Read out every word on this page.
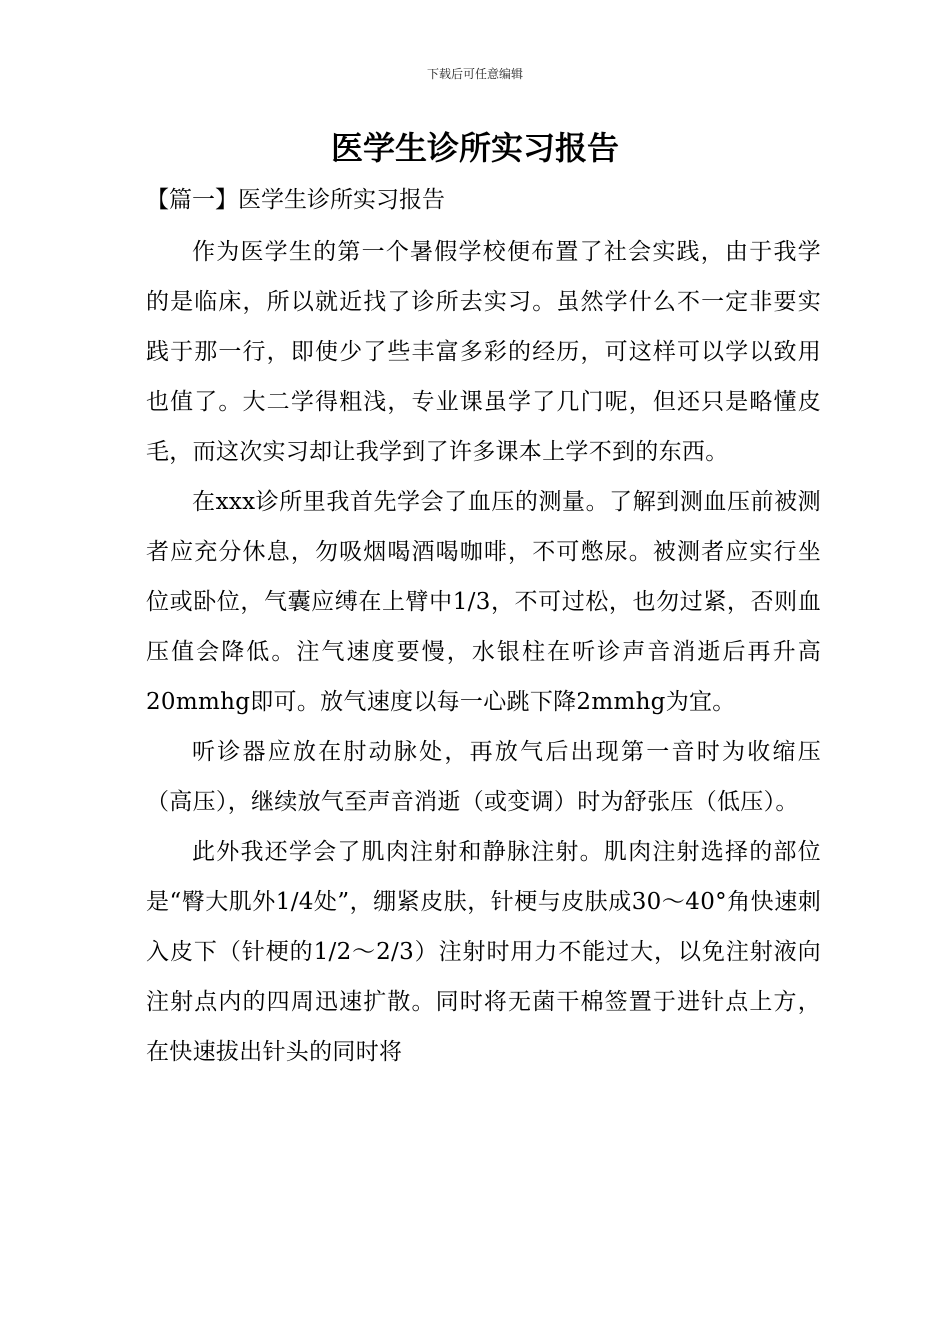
下载后可任意编辑
医学生诊所实习报告
【篇一】医学生诊所实习报告

作为医学生的第一个暑假学校便布置了社会实践，由于我学的是临床，所以就近找了诊所去实习。虽然学什么不一定非要实践于那一行，即使少了些丰富多彩的经历，可这样可以学以致用也值了。大二学得粗浅，专业课虽学了几门呢，但还只是略懂皮毛，而这次实习却让我学到了许多课本上学不到的东西。

在xxx诊所里我首先学会了血压的测量。了解到测血压前被测者应充分休息，勿吸烟喝酒喝咖啡，不可憋尿。被测者应实行坐位或卧位，气囊应缚在上臂中1/3，不可过松，也勿过紧，否则血压值会降低。注气速度要慢，水银柱在听诊声音消逝后再升高20mmhg即可。放气速度以每一心跳下降2mmhg为宜。

听诊器应放在肘动脉处，再放气后出现第一音时为收缩压（高压），继续放气至声音消逝（或变调）时为舒张压（低压）。

此外我还学会了肌肉注射和静脉注射。肌肉注射选择的部位是“臀大肌外1/4处”，绷紧皮肤，针梗与皮肤成30～40°角快速刺入皮下（针梗的1/2～2/3）注射时用力不能过大，以免注射液向注射点内的四周迅速扩散。同时将无菌干棉签置于进针点上方，在快速拔出针头的同时将
